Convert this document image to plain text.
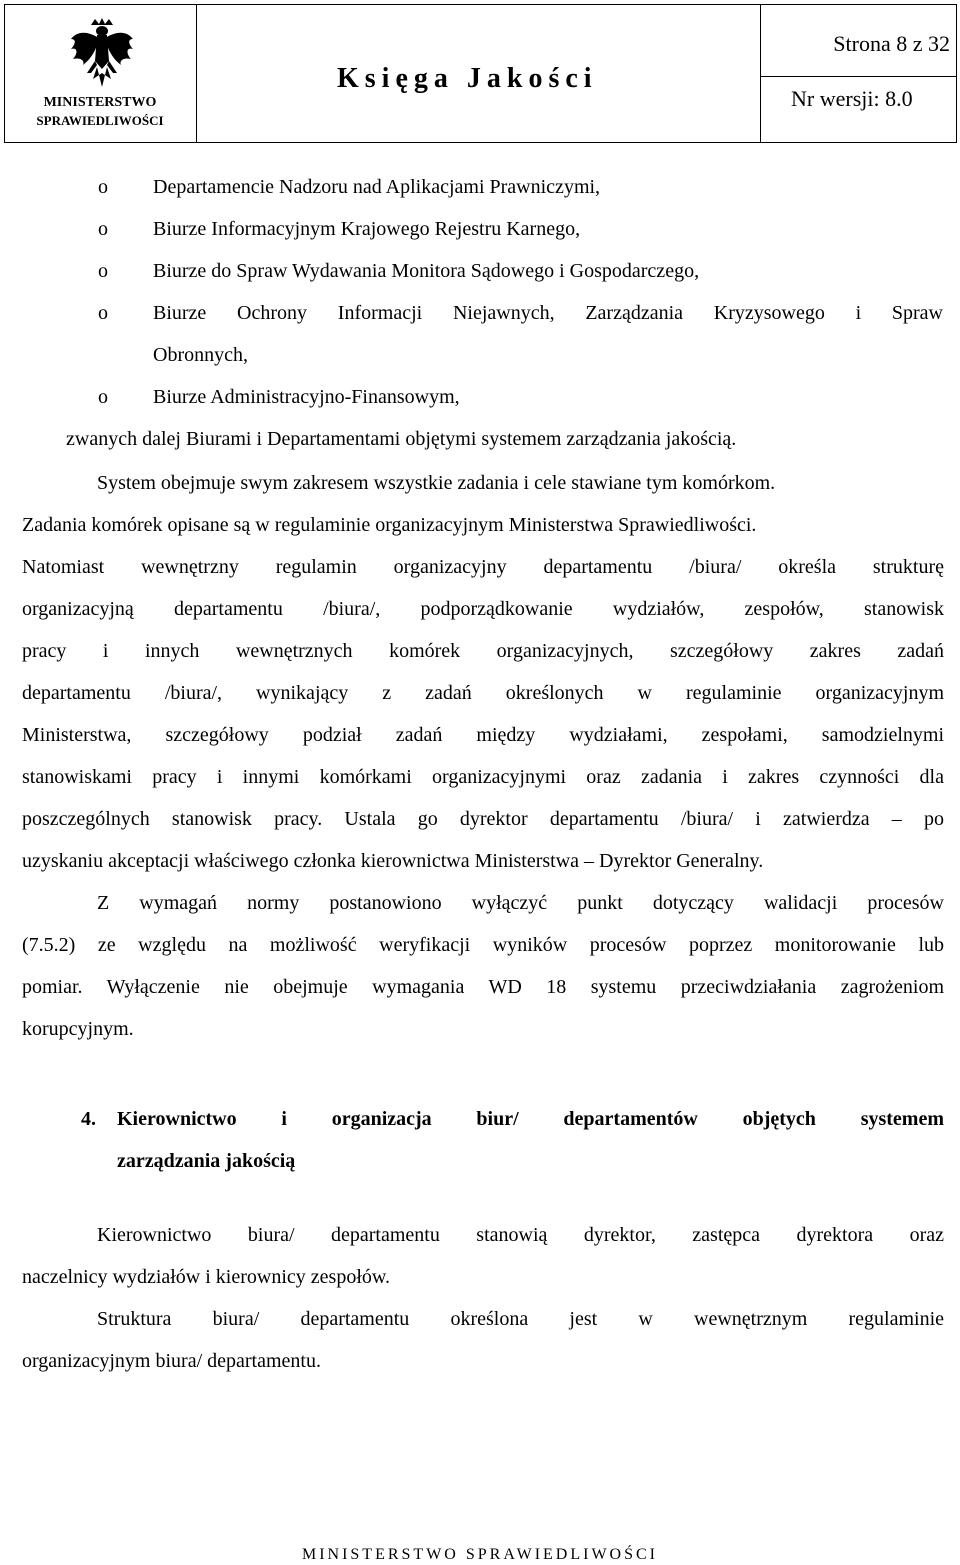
MINISTERSTWO
SPRAWIEDLIWOŚCI
Księga Jakości
Strona 8 z 32
Nr wersji: 8.0
o Departamencie Nadzoru nad Aplikacjami Prawniczymi,
o Biurze Informacyjnym Krajowego Rejestru Karnego,
o Biurze do Spraw Wydawania Monitora Sądowego i Gospodarczego,
o Biurze Ochrony Informacji Niejawnych, Zarządzania Kryzysowego i Spraw
Obronnych,
o Biurze Administracyjno-Finansowym,
zwanych dalej Biurami i Departamentami objętymi systemem zarządzania jakością.
System obejmuje swym zakresem wszystkie zadania i cele stawiane tym komórkom.
Zadania komórek opisane są w regulaminie organizacyjnym Ministerstwa Sprawiedliwości.
Natomiast wewnętrzny regulamin organizacyjny departamentu /biura/ określa strukturę
organizacyjną departamentu /biura/, podporządkowanie wydziałów, zespołów, stanowisk
pracy i innych wewnętrznych komórek organizacyjnych, szczegółowy zakres zadań
departamentu /biura/, wynikający z zadań określonych w regulaminie organizacyjnym
Ministerstwa, szczegółowy podział zadań między wydziałami, zespołami, samodzielnymi
stanowiskami pracy i innymi komórkami organizacyjnymi oraz zadania i zakres czynności dla
poszczególnych stanowisk pracy. Ustala go dyrektor departamentu /biura/ i zatwierdza – po
uzyskaniu akceptacji właściwego członka kierownictwa Ministerstwa – Dyrektor Generalny.
Z wymagań normy postanowiono wyłączyć punkt dotyczący walidacji procesów
(7.5.2) ze względu na możliwość weryfikacji wyników procesów poprzez monitorowanie lub
pomiar. Wyłączenie nie obejmuje wymagania WD 18 systemu przeciwdziałania zagrożeniom
korupcyjnym.
4. Kierownictwo i organizacja biur/ departamentów objętych systemem
zarządzania jakością
Kierownictwo biura/ departamentu stanowią dyrektor, zastępca dyrektora oraz
naczelnicy wydziałów i kierownicy zespołów.
Struktura biura/ departamentu określona jest w wewnętrznym regulaminie
organizacyjnym biura/ departamentu.
MINISTERSTWO SPRAWIEDLIWOŚCI
